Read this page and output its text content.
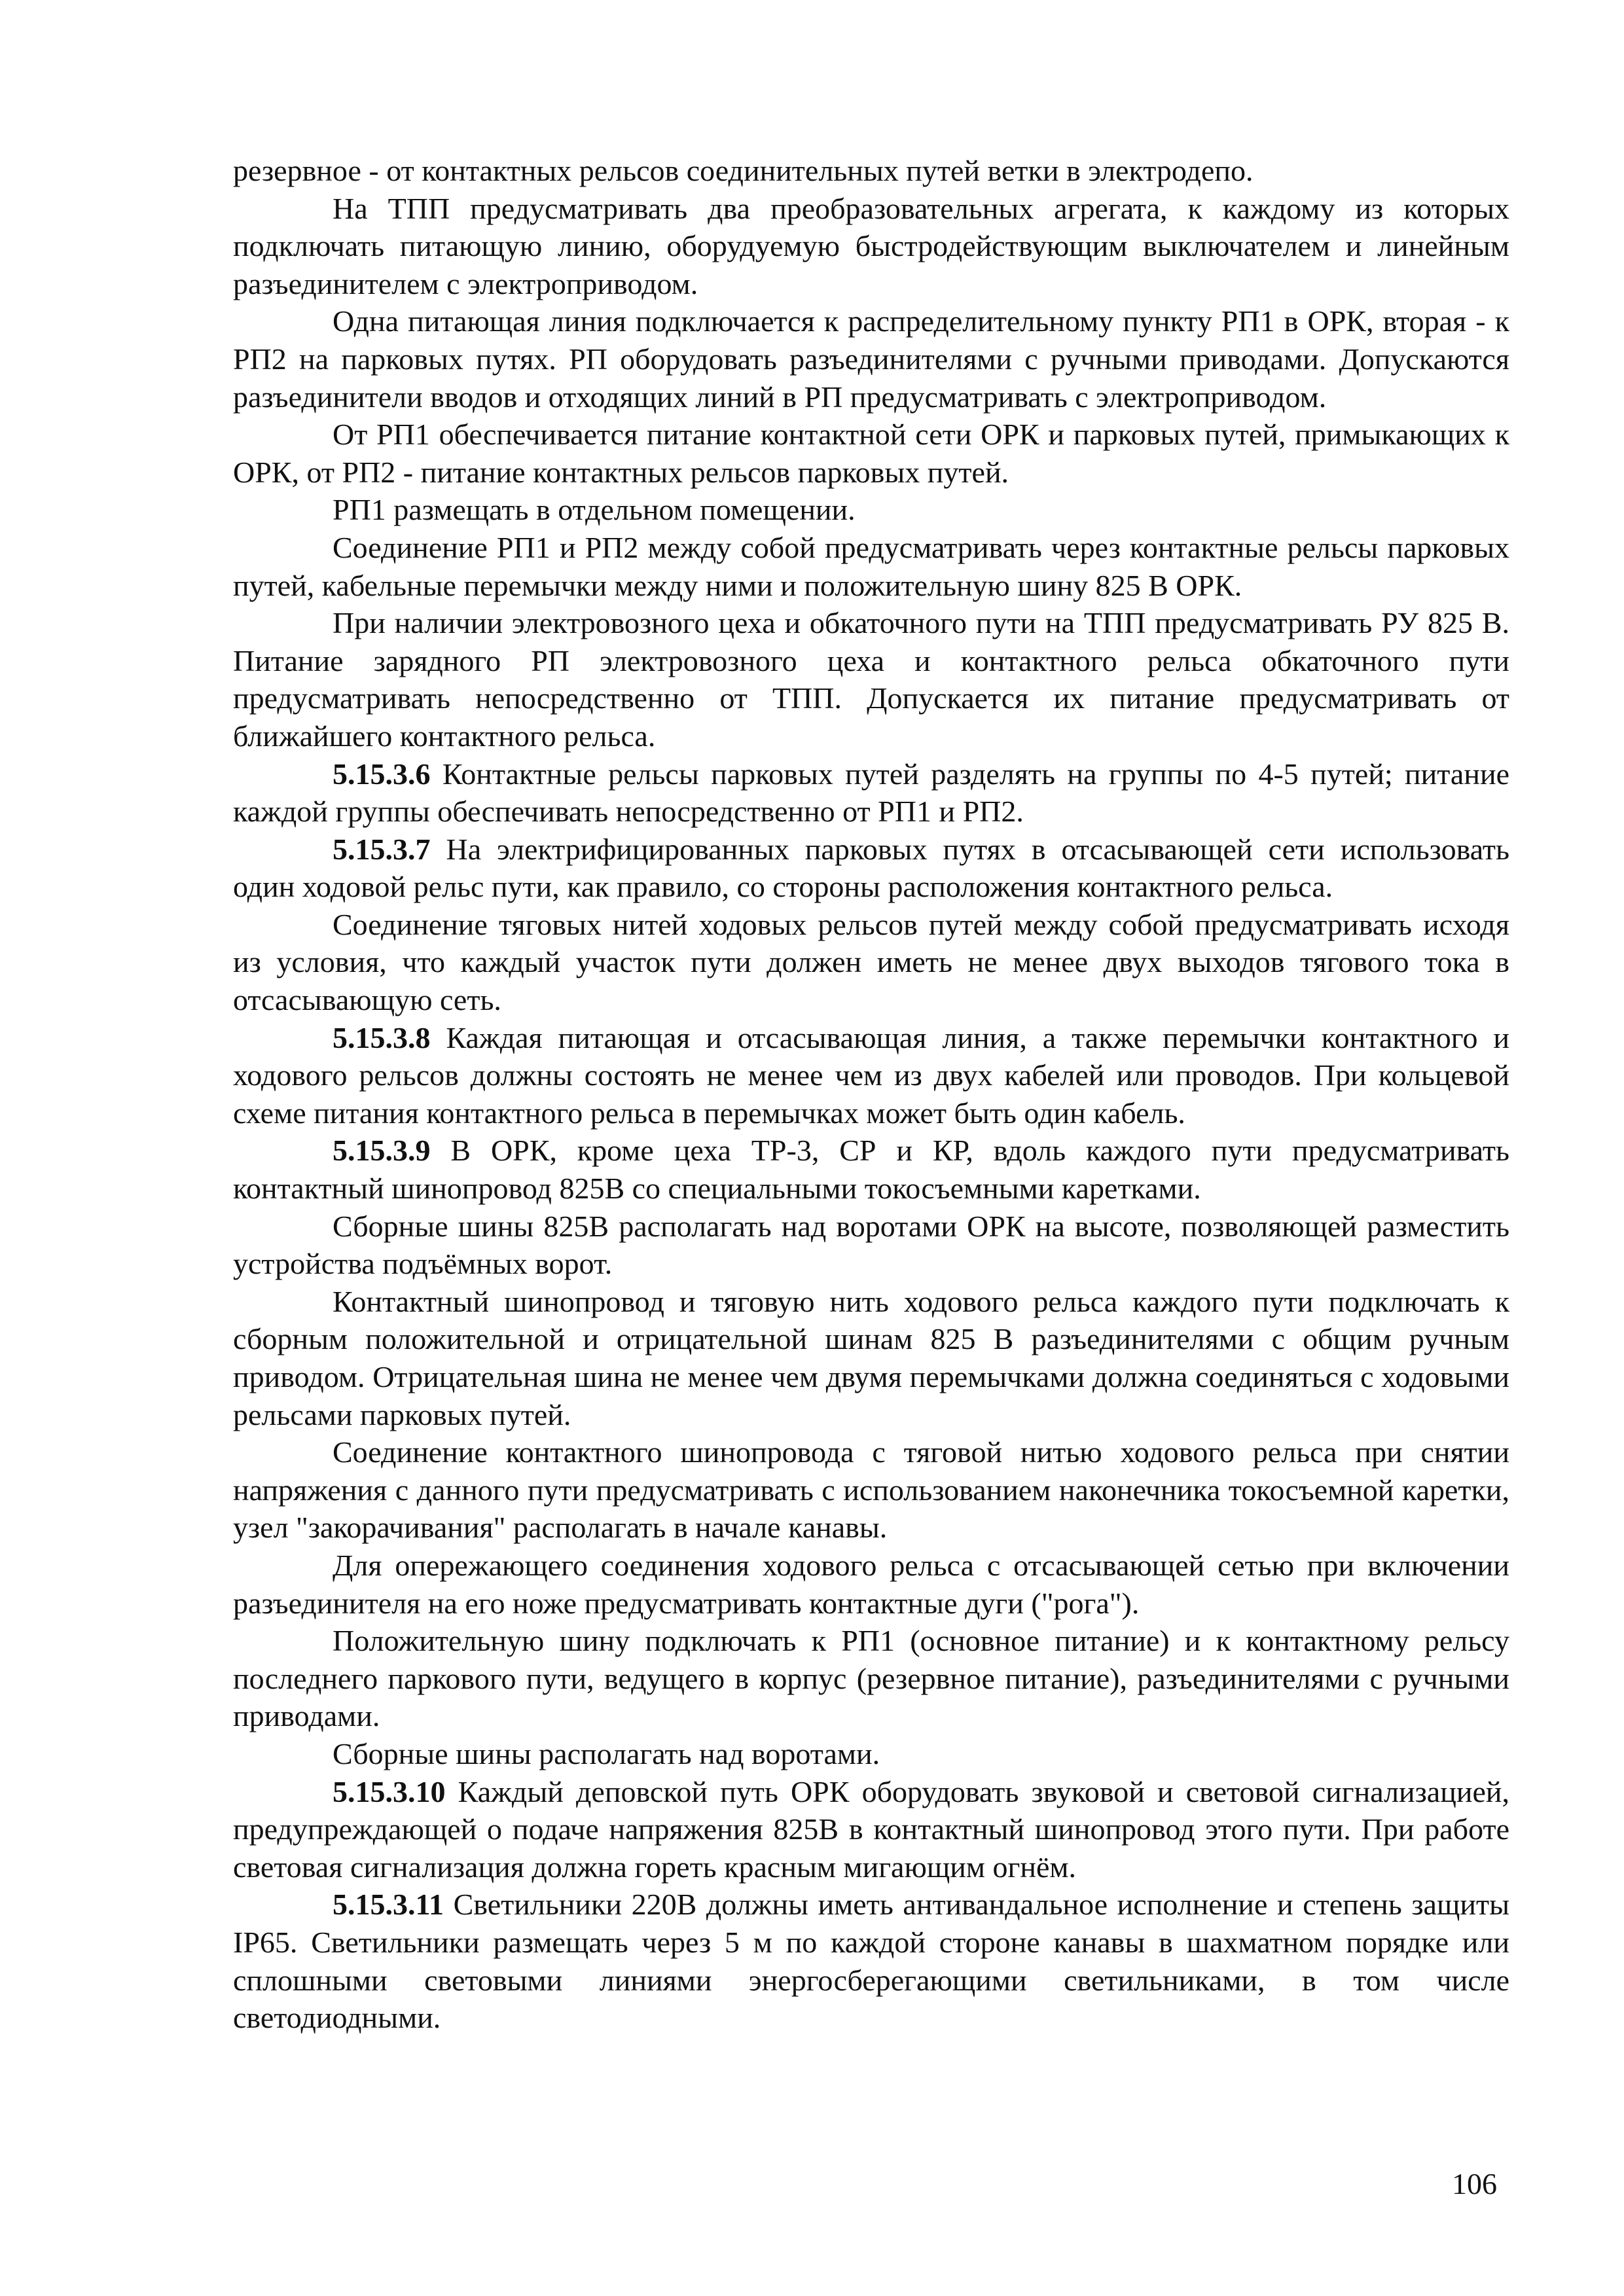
резервное - от контактных рельсов соединительных путей ветки в электродепо.

На ТПП предусматривать два преобразовательных агрегата, к каждому из которых подключать питающую линию, оборудуемую быстродействующим выключателем и линейным разъединителем с электроприводом.

Одна питающая линия подключается к распределительному пункту РП1 в ОРК, вторая - к РП2 на парковых путях. РП оборудовать разъединителями с ручными приводами. Допускаются разъединители вводов и отходящих линий в РП предусматривать с электроприводом.

От РП1 обеспечивается питание контактной сети ОРК и парковых путей, примыкающих к ОРК, от РП2 - питание контактных рельсов парковых путей.

РП1 размещать в отдельном помещении.

Соединение РП1 и РП2 между собой предусматривать через контактные рельсы парковых путей, кабельные перемычки между ними и положительную шину 825 В ОРК.

При наличии электровозного цеха и обкаточного пути на ТПП предусматривать РУ 825 В. Питание зарядного РП электровозного цеха и контактного рельса обкаточного пути предусматривать непосредственно от ТПП. Допускается их питание предусматривать от ближайшего контактного рельса.

5.15.3.6 Контактные рельсы парковых путей разделять на группы по 4-5 путей; питание каждой группы обеспечивать непосредственно от РП1 и РП2.

5.15.3.7 На электрифицированных парковых путях в отсасывающей сети использовать один ходовой рельс пути, как правило, со стороны расположения контактного рельса.

Соединение тяговых нитей ходовых рельсов путей между собой предусматривать исходя из условия, что каждый участок пути должен иметь не менее двух выходов тягового тока в отсасывающую сеть.

5.15.3.8 Каждая питающая и отсасывающая линия, а также перемычки контактного и ходового рельсов должны состоять не менее чем из двух кабелей или проводов. При кольцевой схеме питания контактного рельса в перемычках может быть один кабель.

5.15.3.9 В ОРК, кроме цеха ТР-3, СР и КР, вдоль каждого пути предусматривать контактный шинопровод 825В со специальными токосъемными каретками.

Сборные шины 825В располагать над воротами ОРК на высоте, позволяющей разместить устройства подъёмных ворот.

Контактный шинопровод и тяговую нить ходового рельса каждого пути подключать к сборным положительной и отрицательной шинам 825 В разъединителями с общим ручным приводом. Отрицательная шина не менее чем двумя перемычками должна соединяться с ходовыми рельсами парковых путей.

Соединение контактного шинопровода с тяговой нитью ходового рельса при снятии напряжения с данного пути предусматривать с использованием наконечника токосъемной каретки, узел "закорачивания" располагать в начале канавы.

Для опережающего соединения ходового рельса с отсасывающей сетью при включении разъединителя на его ноже предусматривать контактные дуги ("рога").

Положительную шину подключать к РП1 (основное питание) и к контактному рельсу последнего паркового пути, ведущего в корпус (резервное питание), разъединителями с ручными приводами.

Сборные шины располагать над воротами.

5.15.3.10 Каждый деповской путь ОРК оборудовать звуковой и световой сигнализацией, предупреждающей о подаче напряжения 825В в контактный шинопровод этого пути. При работе световая сигнализация должна гореть красным мигающим огнём.

5.15.3.11 Светильники 220В должны иметь антивандальное исполнение и степень защиты IP65. Светильники размещать через 5 м по каждой стороне канавы в шахматном порядке или сплошными световыми линиями энергосберегающими светильниками, в том числе светодиодными.

106
